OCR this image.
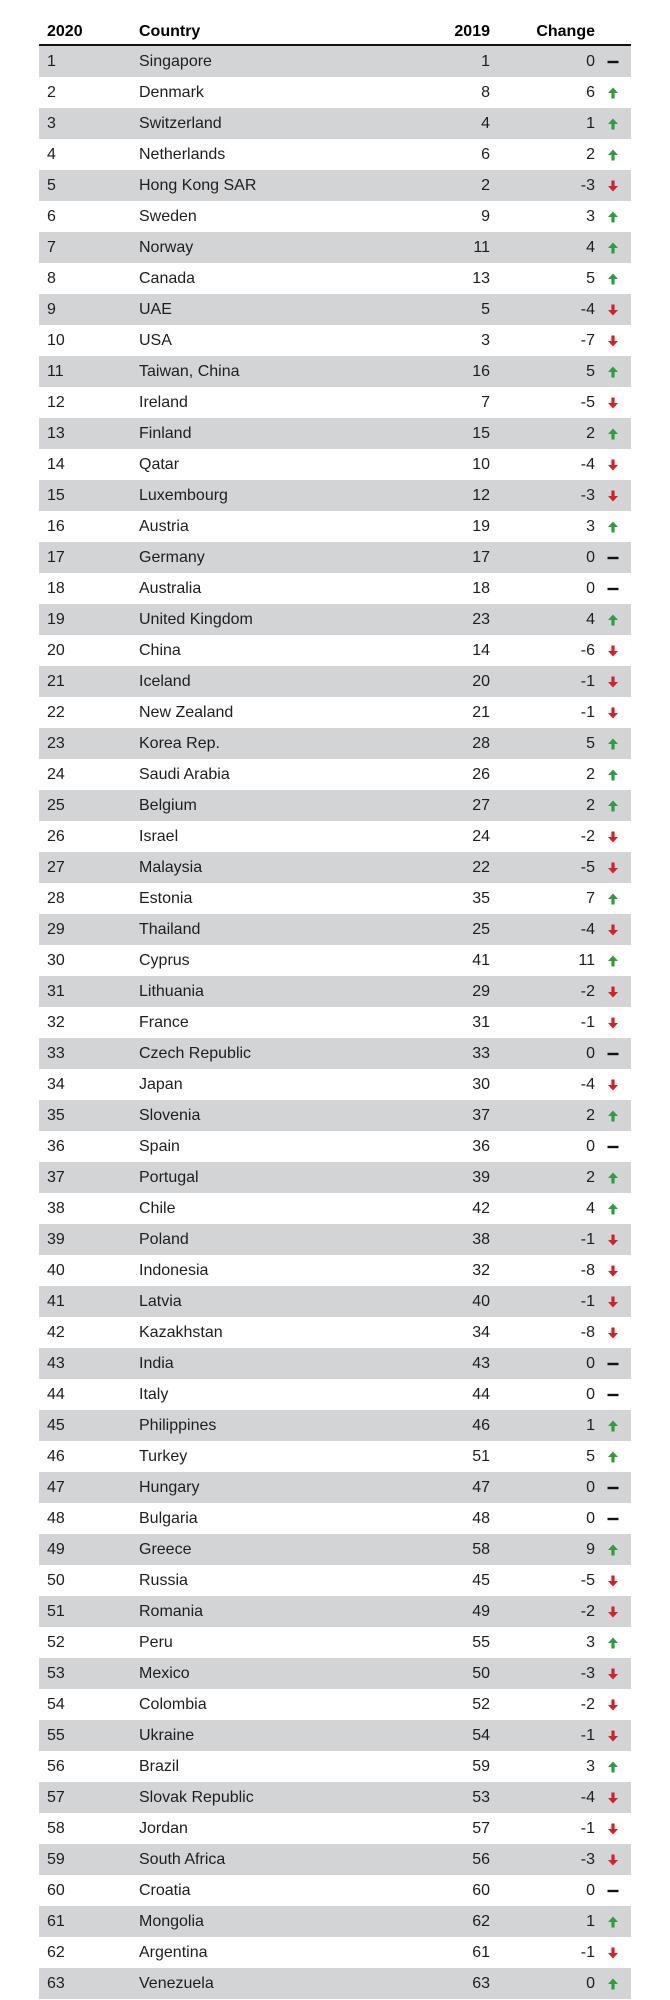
2020	Country	2019	Change
1	Singapore	1	0
2	Denmark	8	6
3	Switzerland	4	1
4	Netherlands	6	2
5	Hong Kong SAR	2	-3
6	Sweden	9	3
7	Norway	11	4
8	Canada	13	5
9	UAE	5	-4
10	USA	3	-7
11	Taiwan, China	16	5
12	Ireland	7	-5
13	Finland	15	2
14	Qatar	10	-4
15	Luxembourg	12	-3
16	Austria	19	3
17	Germany	17	0
18	Australia	18	0
19	United Kingdom	23	4
20	China	14	-6
21	Iceland	20	-1
22	New Zealand	21	-1
23	Korea Rep.	28	5
24	Saudi Arabia	26	2
25	Belgium	27	2
26	Israel	24	-2
27	Malaysia	22	-5
28	Estonia	35	7
29	Thailand	25	-4
30	Cyprus	41	11
31	Lithuania	29	-2
32	France	31	-1
33	Czech Republic	33	0
34	Japan	30	-4
35	Slovenia	37	2
36	Spain	36	0
37	Portugal	39	2
38	Chile	42	4
39	Poland	38	-1
40	Indonesia	32	-8
41	Latvia	40	-1
42	Kazakhstan	34	-8
43	India	43	0
44	Italy	44	0
45	Philippines	46	1
46	Turkey	51	5
47	Hungary	47	0
48	Bulgaria	48	0
49	Greece	58	9
50	Russia	45	-5
51	Romania	49	-2
52	Peru	55	3
53	Mexico	50	-3
54	Colombia	52	-2
55	Ukraine	54	-1
56	Brazil	59	3
57	Slovak Republic	53	-4
58	Jordan	57	-1
59	South Africa	56	-3
60	Croatia	60	0
61	Mongolia	62	1
62	Argentina	61	-1
63	Venezuela	63	0
